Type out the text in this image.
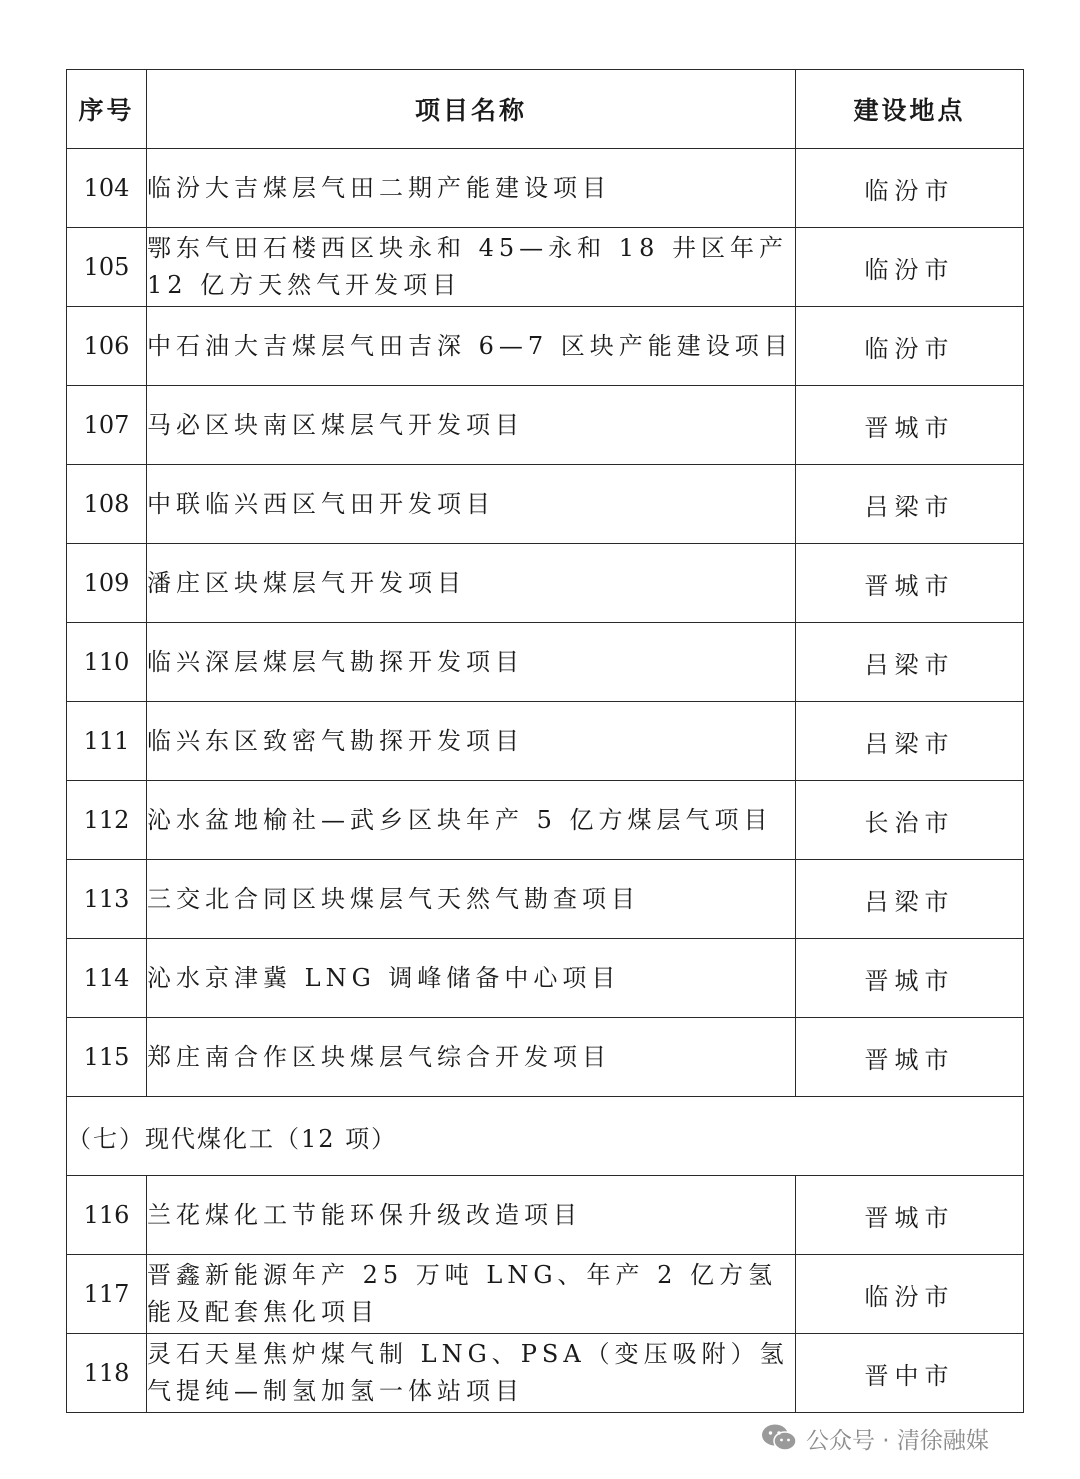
序号	项目名称	建设地点
104	临汾大吉煤层气田二期产能建设项目	临汾市
105	鄂东气田石楼西区块永和 45—永和 18 井区年产 12 亿方天然气开发项目	临汾市
106	中石油大吉煤层气田吉深 6—7 区块产能建设项目	临汾市
107	马必区块南区煤层气开发项目	晋城市
108	中联临兴西区气田开发项目	吕梁市
109	潘庄区块煤层气开发项目	晋城市
110	临兴深层煤层气勘探开发项目	吕梁市
111	临兴东区致密气勘探开发项目	吕梁市
112	沁水盆地榆社—武乡区块年产 5 亿方煤层气项目	长治市
113	三交北合同区块煤层气天然气勘查项目	吕梁市
114	沁水京津冀 LNG 调峰储备中心项目	晋城市
115	郑庄南合作区块煤层气综合开发项目	晋城市
（七）现代煤化工（12 项）		
116	兰花煤化工节能环保升级改造项目	晋城市
117	晋鑫新能源年产 25 万吨 LNG、年产 2 亿方氢能及配套焦化项目	临汾市
118	灵石天星焦炉煤气制 LNG、PSA（变压吸附）氢气提纯—制氢加氢一体站项目	晋中市
公众号 · 清徐融媒
